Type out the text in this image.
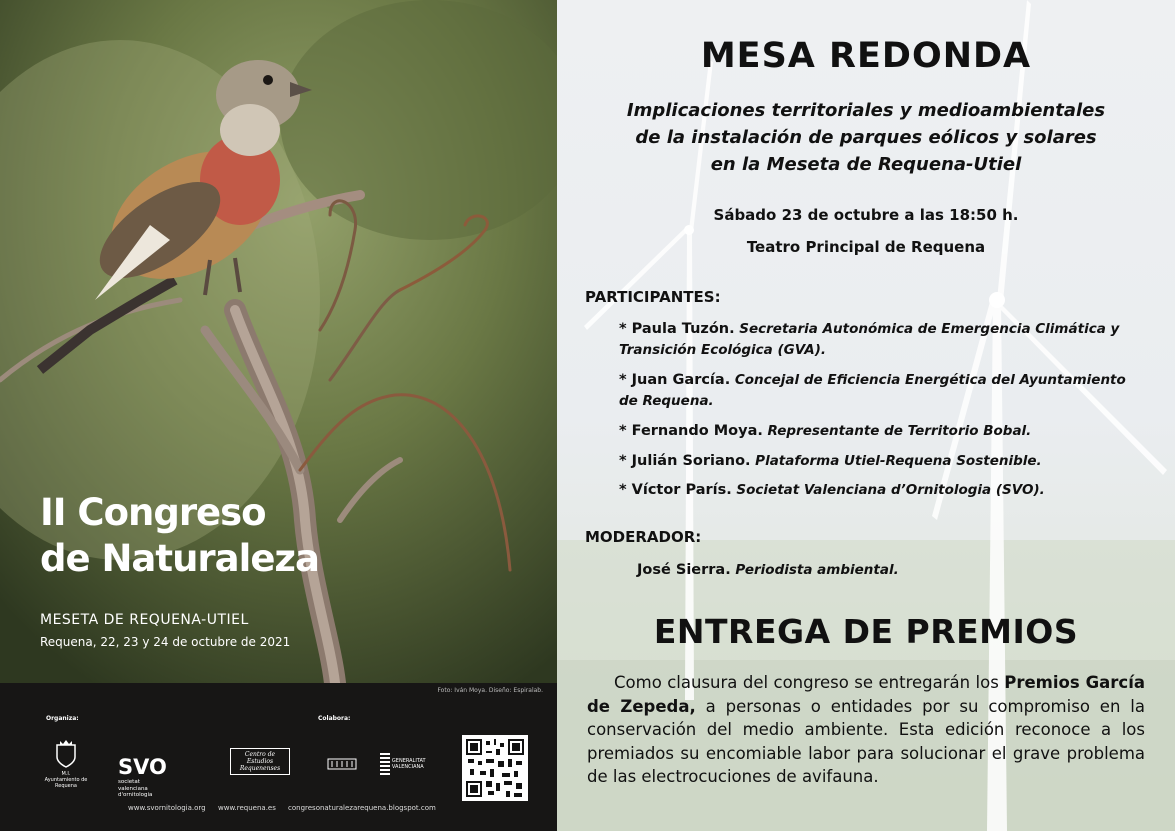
II Congreso
de Naturaleza
MESETA DE REQUENA-UTIEL
Requena, 22, 23 y 24 de octubre de 2021
Foto: Iván Moya. Diseño: Espiralab.
Organiza:	Colabora:
M.I. Ayuntamiento de Requena
SVO societat valenciana d'ornitologia
Centro de Estudios Requenenses
GENERALITAT VALENCIANA
www.svornitologia.org www.requena.es congresonaturalezarequena.blogspot.com
MESA REDONDA
Implicaciones territoriales y medioambientales
de la instalación de parques eólicos y solares
en la Meseta de Requena-Utiel
Sábado 23 de octubre a las 18:50 h.
Teatro Principal de Requena
PARTICIPANTES:
* Paula Tuzón. Secretaria Autonómica de Emergencia Climática y Transición Ecológica (GVA).
* Juan García. Concejal de Eficiencia Energética del Ayuntamiento de Requena.
* Fernando Moya. Representante de Territorio Bobal.
* Julián Soriano. Plataforma Utiel-Requena Sostenible.
* Víctor París. Societat Valenciana d’Ornitologia (SVO).
MODERADOR:
José Sierra. Periodista ambiental.
ENTREGA DE PREMIOS
Como clausura del congreso se entregarán los Premios García de Zepeda, a personas o entidades por su compromiso en la conservación del medio ambiente. Esta edición reconoce a los premiados su encomiable labor para solucionar el grave problema de las electrocuciones de avifauna.
